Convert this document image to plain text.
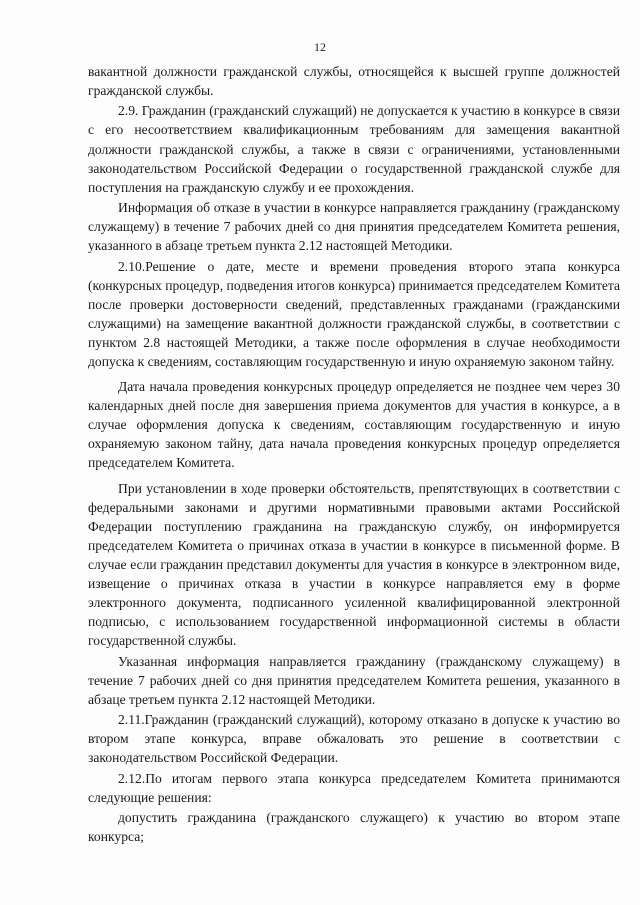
12

вакантной должности гражданской службы, относящейся к высшей группе должностей гражданской службы.

2.9. Гражданин (гражданский служащий) не допускается к участию в конкурсе в связи с его несоответствием квалификационным требованиям для замещения вакантной должности гражданской службы, а также в связи с ограничениями, установленными законодательством Российской Федерации о государственной гражданской службе для поступления на гражданскую службу и ее прохождения.

Информация об отказе в участии в конкурсе направляется гражданину (гражданскому служащему) в течение 7 рабочих дней со дня принятия председателем Комитета решения, указанного в абзаце третьем пункта 2.12 настоящей Методики.

2.10.Решение о дате, месте и времени проведения второго этапа конкурса (конкурсных процедур, подведения итогов конкурса) принимается председателем Комитета после проверки достоверности сведений, представленных гражданами (гражданскими служащими) на замещение вакантной должности гражданской службы, в соответствии с пунктом 2.8 настоящей Методики, а также после оформления в случае необходимости допуска к сведениям, составляющим государственную и иную охраняемую законом тайну.

Дата начала проведения конкурсных процедур определяется не позднее чем через 30 календарных дней после дня завершения приема документов для участия в конкурсе, а в случае оформления допуска к сведениям, составляющим государственную и иную охраняемую законом тайну, дата начала проведения конкурсных процедур определяется председателем Комитета.

При установлении в ходе проверки обстоятельств, препятствующих в соответствии с федеральными законами и другими нормативными правовыми актами Российской Федерации поступлению гражданина на гражданскую службу, он информируется председателем Комитета о причинах отказа в участии в конкурсе в письменной форме. В случае если гражданин представил документы для участия в конкурсе в электронном виде, извещение о причинах отказа в участии в конкурсе направляется ему в форме электронного документа, подписанного усиленной квалифицированной электронной подписью, с использованием государственной информационной системы в области государственной службы.

Указанная информация направляется гражданину (гражданскому служащему) в течение 7 рабочих дней со дня принятия председателем Комитета решения, указанного в абзаце третьем пункта 2.12 настоящей Методики.

2.11.Гражданин (гражданский служащий), которому отказано в допуске к участию во втором этапе конкурса, вправе обжаловать это решение в соответствии с законодательством Российской Федерации.

2.12.По итогам первого этапа конкурса председателем Комитета принимаются следующие решения:

допустить гражданина (гражданского служащего) к участию во втором этапе конкурса;
